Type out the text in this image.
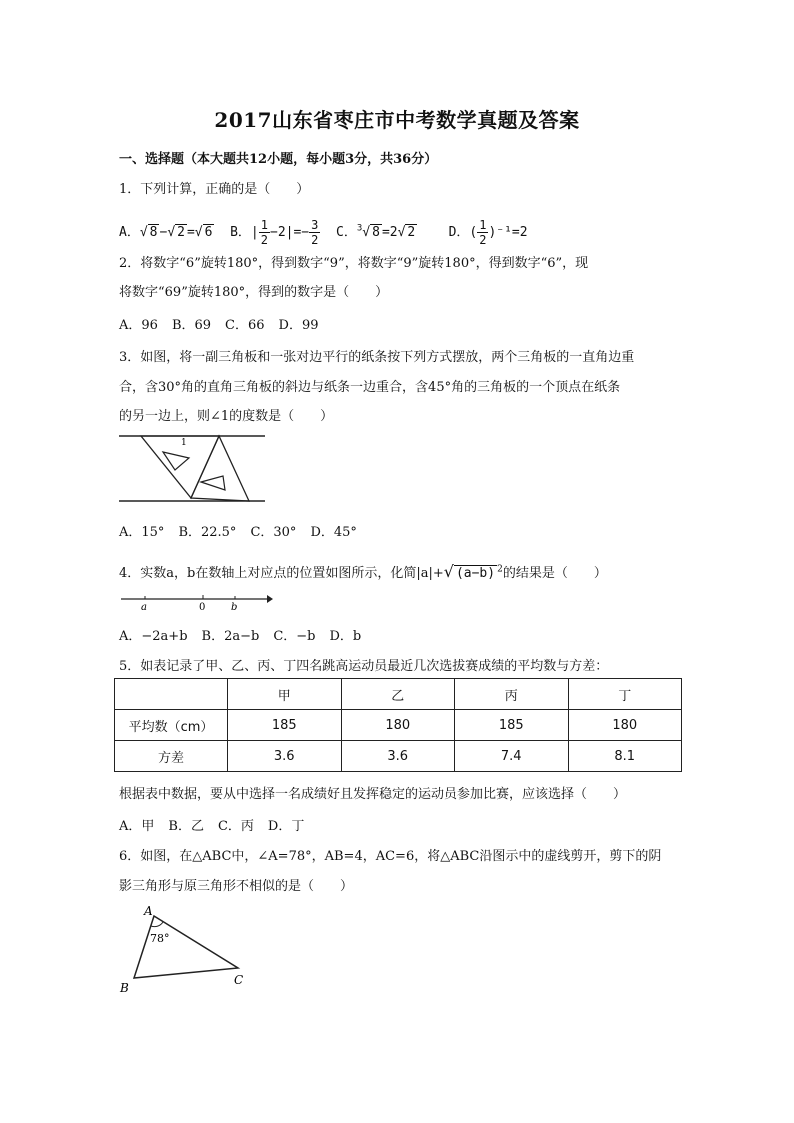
2017山东省枣庄市中考数学真题及答案
一、选择题（本大题共12小题，每小题3分，共36分）
1．下列计算，正确的是（　　）
A．√ 8 −√ 2 =√ 6 B．| $\frac{1}{2} -2|=- \frac{3}{2}$ C．$^3$√ 8 =2√ 2	D．( $\frac{1}{2} )^{-1}=2$
2．将数字“6”旋转180°，得到数字“9”，将数字“9”旋转180°，得到数字“6”，现
将数字“69”旋转180°，得到的数字是（　　）
A．96 B．69 C．66 D．99
3．如图，将一副三角板和一张对边平行的纸条按下列方式摆放，两个三角板的一直角边重
合，含30°角的直角三角板的斜边与纸条一边重合，含45°角的三角板的一个顶点在纸条
的另一边上，则∠1的度数是（　　）
1
A．15° B．22.5° C．30° D．45°
4．实数a，b在数轴上对应点的位置如图所示，化简|a|+√ (a−b) $^2$的结果是（　　）
a	0	b
A．−2a+b B．2a−b C．−b D．b
5．如表记录了甲、乙、丙、丁四名跳高运动员最近几次选拔赛成绩的平均数与方差：
	甲	乙	丙	丁
平均数（cm）	185	180	185	180
方差	3.6	3.6	7.4	8.1
根据表中数据，要从中选择一名成绩好且发挥稳定的运动员参加比赛，应该选择（　　）
A．甲 B．乙 C．丙 D．丁
6．如图，在△ABC中，∠A=78°，AB=4，AC=6，将△ABC沿图示中的虚线剪开，剪下的阴
影三角形与原三角形不相似的是（　　）
A
B
C
78°
